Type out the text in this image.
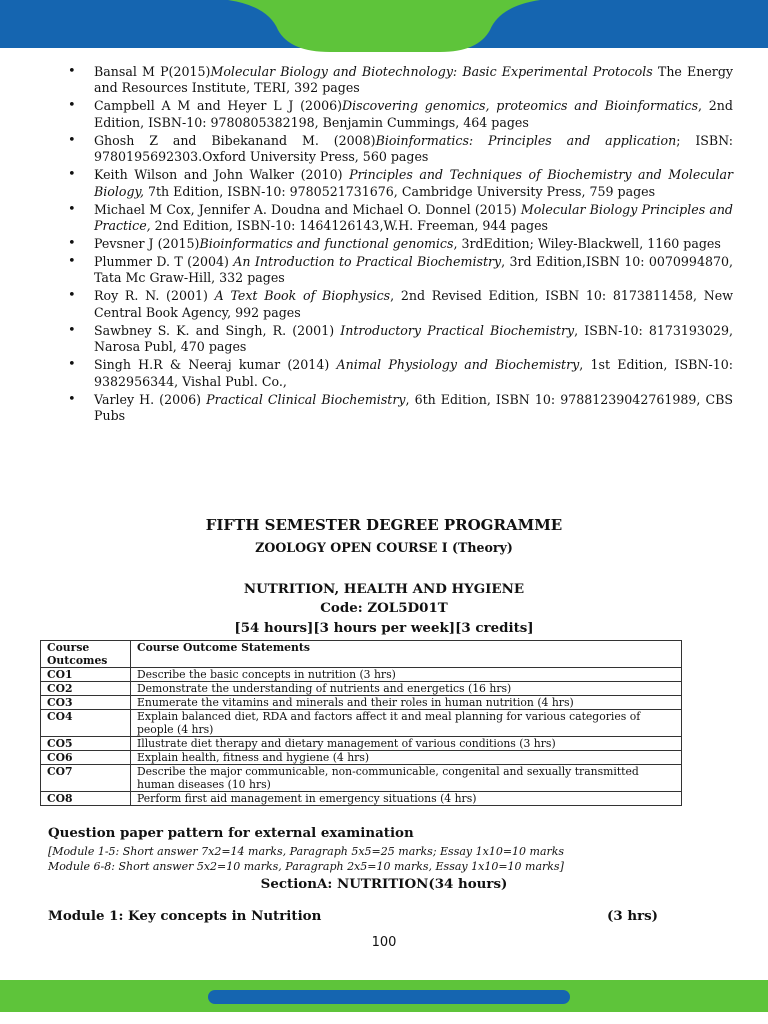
• Bansal M P(2015)Molecular Biology and Biotechnology: Basic Experimental Protocols The Energy and Resources Institute, TERI, 392 pages
• Campbell A M and Heyer L J (2006)Discovering genomics, proteomics and Bioinformatics, 2nd Edition, ISBN-10: 9780805382198, Benjamin Cummings, 464 pages
• Ghosh Z and Bibekanand M. (2008)Bioinformatics: Principles and application; ISBN: 9780195692303.Oxford University Press, 560 pages
• Keith Wilson and John Walker (2010) Principles and Techniques of Biochemistry and Molecular Biology, 7th Edition, ISBN-10: 9780521731676, Cambridge University Press, 759 pages
• Michael M Cox, Jennifer A. Doudna and Michael O. Donnel (2015) Molecular Biology Principles and Practice, 2nd Edition, ISBN-10: 1464126143,W.H. Freeman, 944 pages
• Pevsner J (2015)Bioinformatics and functional genomics, 3rdEdition; Wiley-Blackwell, 1160 pages
• Plummer D. T (2004) An Introduction to Practical Biochemistry, 3rd Edition,ISBN 10: 0070994870, Tata Mc Graw-Hill, 332 pages
• Roy R. N. (2001) A Text Book of Biophysics, 2nd Revised Edition, ISBN 10: 8173811458, New Central Book Agency, 992 pages
• Sawbney S. K. and Singh, R. (2001) Introductory Practical Biochemistry, ISBN-10: 8173193029, Narosa Publ, 470 pages
• Singh H.R & Neeraj kumar (2014) Animal Physiology and Biochemistry, 1st Edition, ISBN-10: 9382956344, Vishal Publ. Co.,
• Varley H. (2006) Practical Clinical Biochemistry, 6th Edition, ISBN 10: 97881239042761989, CBS Pubs
FIFTH SEMESTER DEGREE PROGRAMME
ZOOLOGY OPEN COURSE I (Theory)
NUTRITION, HEALTH AND HYGIENE
Code: ZOL5D01T
[54 hours][3 hours per week][3 credits]
Course Outcomes	Course Outcome Statements
CO1	Describe the basic concepts in nutrition (3 hrs)
CO2	Demonstrate the understanding of nutrients and energetics (16 hrs)
CO3	Enumerate the vitamins and minerals and their roles in human nutrition (4 hrs)
CO4	Explain balanced diet, RDA and factors affect it and meal planning for various categories of people (4 hrs)
CO5	Illustrate diet therapy and dietary management of various conditions (3 hrs)
CO6	Explain health, fitness and hygiene (4 hrs)
CO7	Describe the major communicable, non-communicable, congenital and sexually transmitted human diseases (10 hrs)
CO8	Perform first aid management in emergency situations (4 hrs)
Question paper pattern for external examination
[Module 1-5: Short answer 7x2=14 marks, Paragraph 5x5=25 marks; Essay 1x10=10 marks
Module 6-8: Short answer 5x2=10 marks, Paragraph 2x5=10 marks, Essay 1x10=10 marks]
SectionA: NUTRITION(34 hours)
Module 1: Key concepts in Nutrition	(3 hrs)
100
